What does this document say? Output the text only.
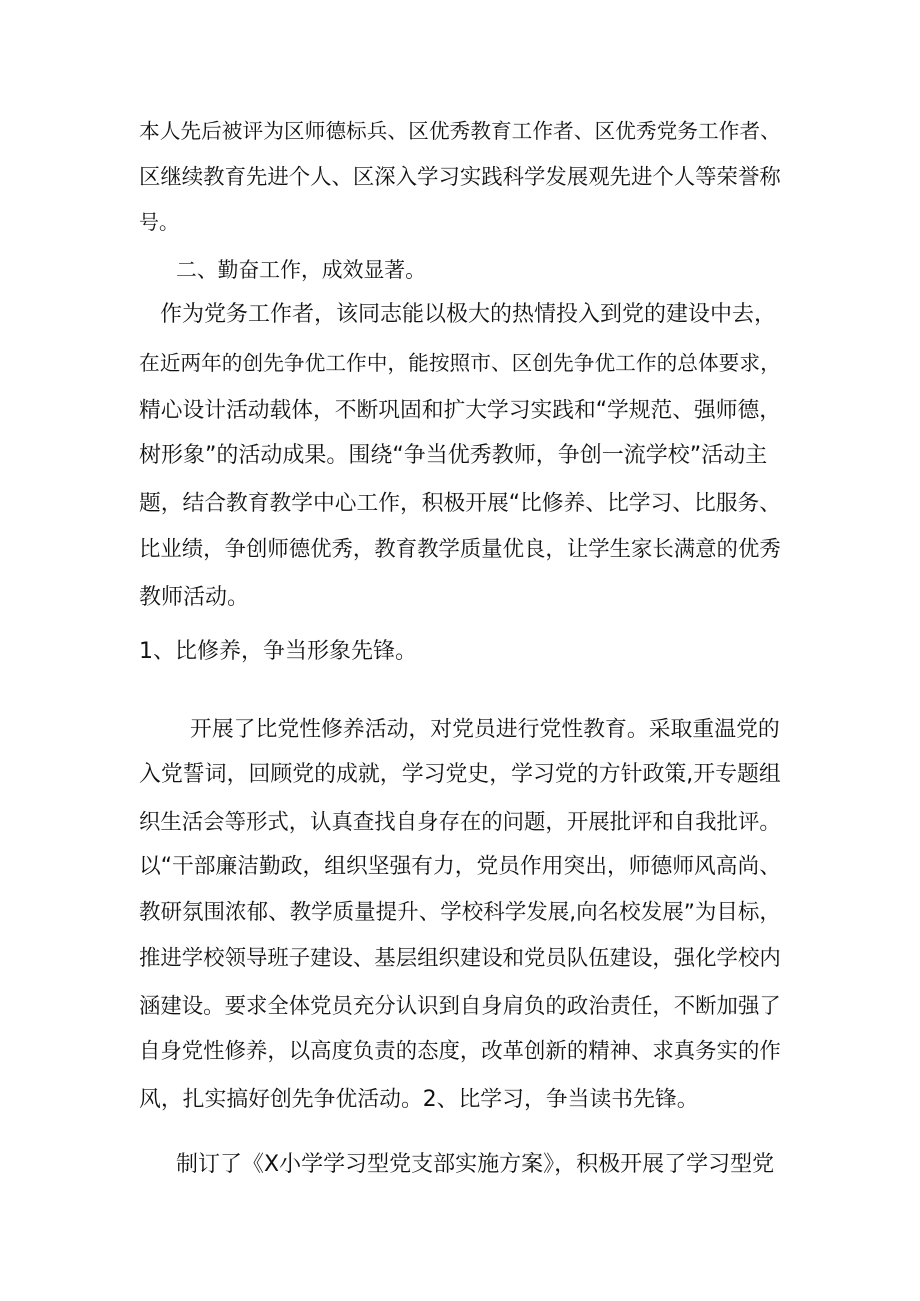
本人先后被评为区师德标兵、区优秀教育工作者、区优秀党务工作者、
区继续教育先进个人、区深入学习实践科学发展观先进个人等荣誉称
号。
二、勤奋工作，成效显著。
作为党务工作者，该同志能以极大的热情投入到党的建设中去，
在近两年的创先争优工作中，能按照市、区创先争优工作的总体要求，
精心设计活动载体，不断巩固和扩大学习实践和“学规范、强师德，
树形象”的活动成果。围绕“争当优秀教师，争创一流学校”活动主
题，结合教育教学中心工作，积极开展“比修养、比学习、比服务、
比业绩，争创师德优秀，教育教学质量优良，让学生家长满意的优秀
教师活动。
1、比修养，争当形象先锋。
开展了比党性修养活动，对党员进行党性教育。采取重温党的
入党誓词，回顾党的成就，学习党史，学习党的方针政策,开专题组
织生活会等形式，认真查找自身存在的问题，开展批评和自我批评。
以“干部廉洁勤政，组织坚强有力，党员作用突出，师德师风高尚、
教研氛围浓郁、教学质量提升、学校科学发展,向名校发展”为目标，
推进学校领导班子建设、基层组织建设和党员队伍建设，强化学校内
涵建设。要求全体党员充分认识到自身肩负的政治责任，不断加强了
自身党性修养，以高度负责的态度，改革创新的精神、求真务实的作
风，扎实搞好创先争优活动。2、比学习，争当读书先锋。
制订了《X小学学习型党支部实施方案》，积极开展了学习型党
